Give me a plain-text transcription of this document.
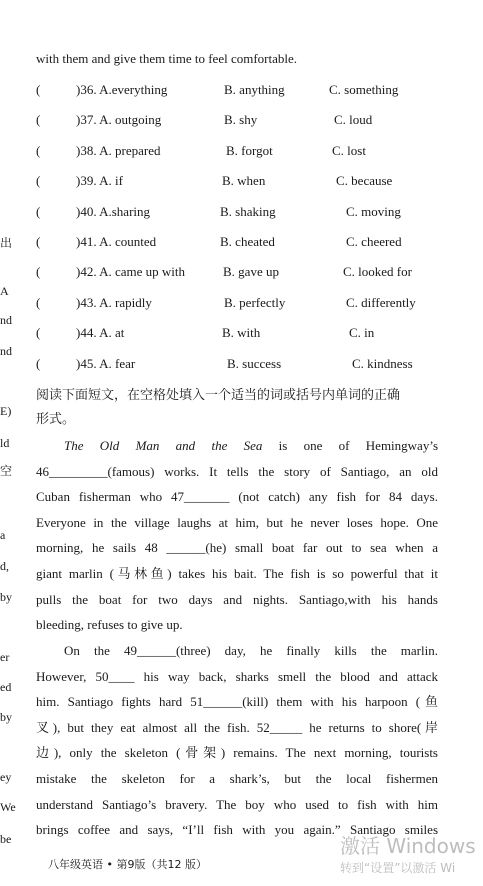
出
A
nd
nd
E)
ld
空
a
d,
by
er
ed
by
ey
We
be
with them and give them time to feel comfortable.
(	)36. A.everything	B. anything	C. something
(	)37. A. outgoing	B. shy	C. loud
(	)38. A. prepared	B. forgot	C. lost
(	)39. A. if	B. when	C. because
(	)40. A.sharing	B. shaking	C. moving
(	)41. A. counted	B. cheated	C. cheered
(	)42. A. came up with	B. gave up	C. looked for
(	)43. A. rapidly	B. perfectly	C. differently
(	)44. A. at	B. with	C. in
(	)45. A. fear	B. success	C. kindness
阅读下面短文，在空格处填入一个适当的词或括号内单词的正确
形式。
The Old Man and the Sea is one of Hemingway’s
46_________(famous) works. It tells the story of Santiago, an old
Cuban fisherman who 47_______ (not catch) any fish for 84 days.
Everyone in the village laughs at him, but he never loses hope. One
morning, he sails 48 ______(he) small boat far out to sea when a
giant marlin (马林鱼) takes his bait. The fish is so powerful that it
pulls the boat for two days and nights. Santiago,with his hands
bleeding, refuses to give up.
On the 49______(three) day, he finally kills the marlin.
However, 50____ his way back, sharks smell the blood and attack
him. Santiago fights hard 51______(kill) them with his harpoon (鱼
叉), but they eat almost all the fish. 52_____ he returns to shore(岸
边), only the skeleton (骨架) remains. The next morning, tourists
mistake the skeleton for a shark’s, but the local fishermen
understand Santiago’s bravery. The boy who used to fish with him
brings coffee and says, “I’ll fish with you again.” Santiago smiles
八年级英语 • 第9版（共12 版）
激活 Windows
转到“设置”以激活 Wi
